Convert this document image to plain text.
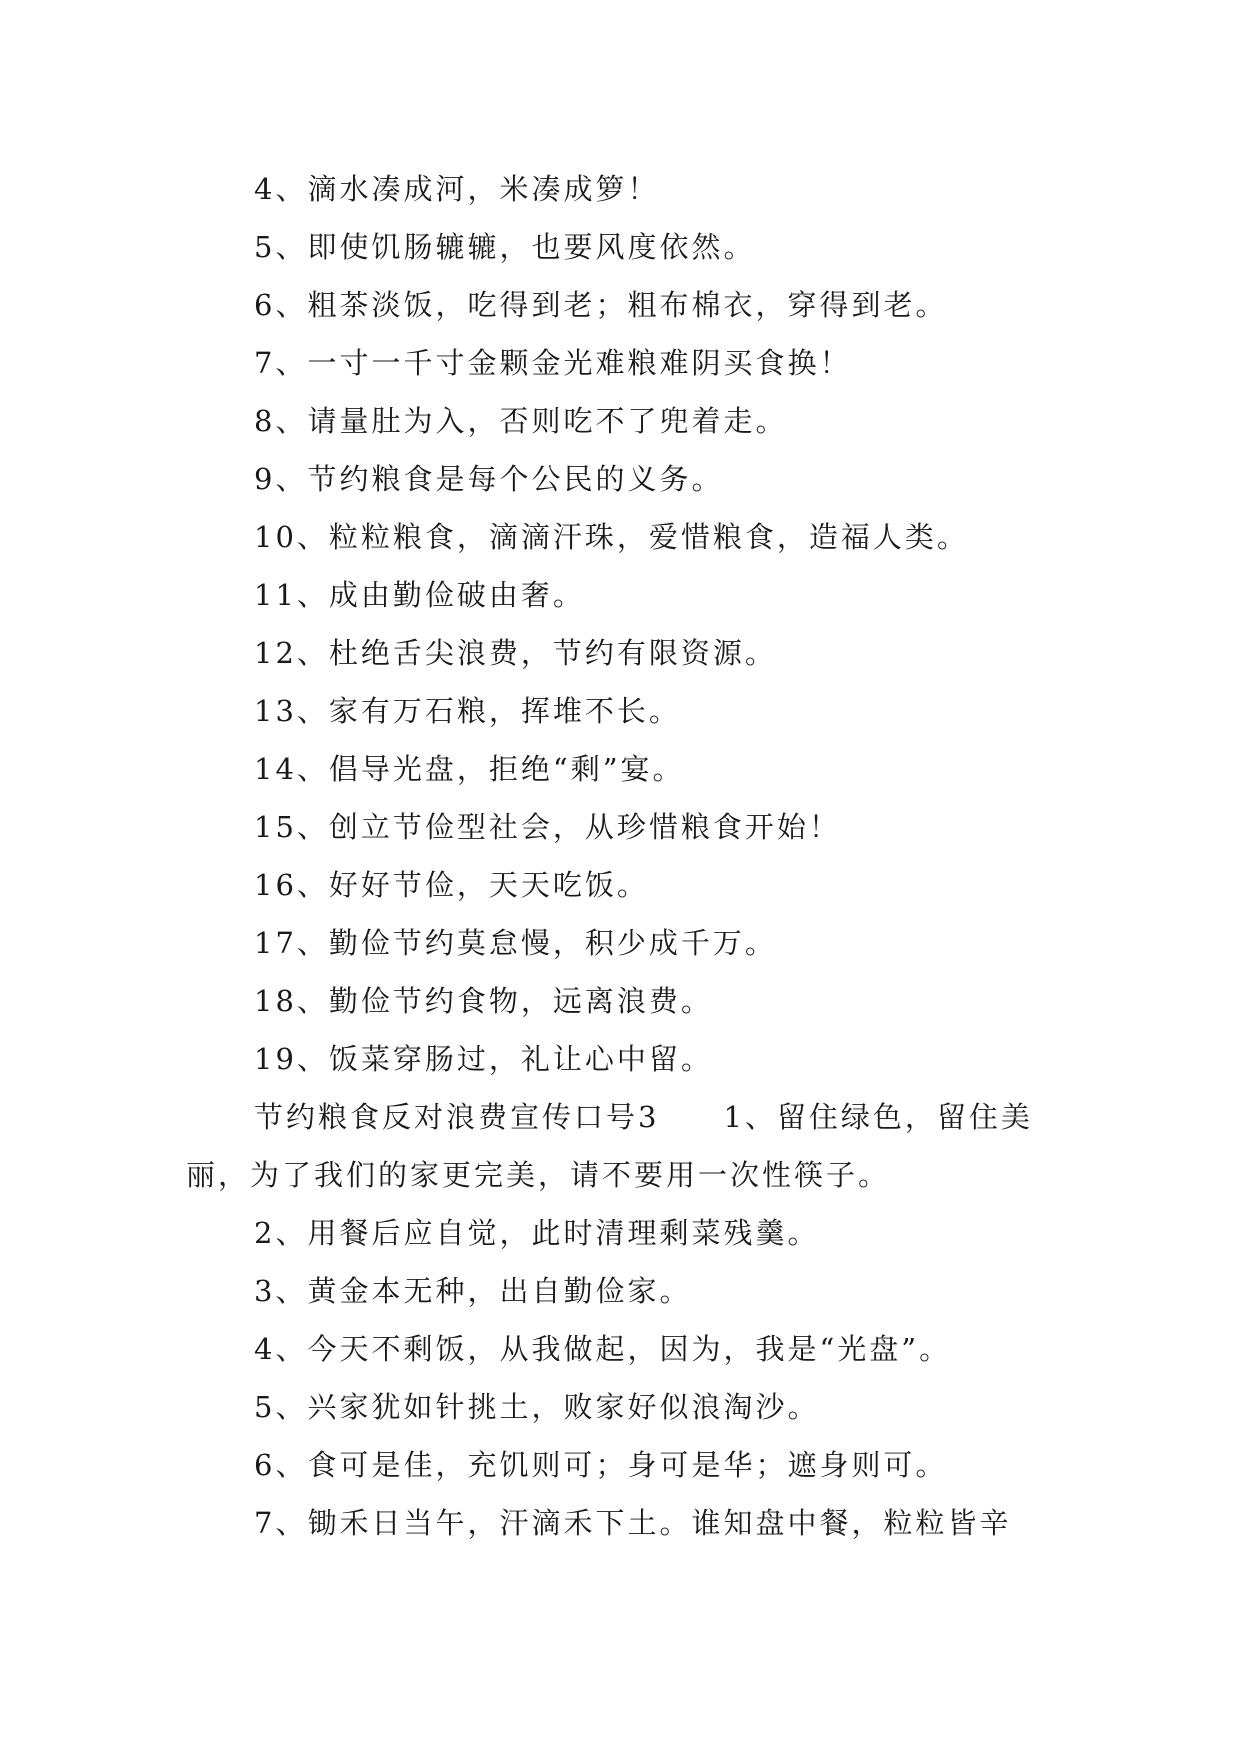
4、滴水凑成河，米凑成箩！
5、即使饥肠辘辘，也要风度依然。
6、粗茶淡饭，吃得到老；粗布棉衣，穿得到老。
7、一寸一千寸金颗金光难粮难阴买食换！
8、请量肚为入，否则吃不了兜着走。
9、节约粮食是每个公民的义务。
10、粒粒粮食，滴滴汗珠，爱惜粮食，造福人类。
11、成由勤俭破由奢。
12、杜绝舌尖浪费，节约有限资源。
13、家有万石粮，挥堆不长。
14、倡导光盘，拒绝“剩”宴。
15、创立节俭型社会，从珍惜粮食开始！
16、好好节俭，天天吃饭。
17、勤俭节约莫怠慢，积少成千万。
18、勤俭节约食物，远离浪费。
19、饭菜穿肠过，礼让心中留。
节约粮食反对浪费宣传口号3　　1、留住绿色，留住美
丽，为了我们的家更完美，请不要用一次性筷子。
2、用餐后应自觉，此时清理剩菜残羹。
3、黄金本无种，出自勤俭家。
4、今天不剩饭，从我做起，因为，我是“光盘”。
5、兴家犹如针挑土，败家好似浪淘沙。
6、食可是佳，充饥则可；身可是华；遮身则可。
7、锄禾日当午，汗滴禾下土。谁知盘中餐，粒粒皆辛
